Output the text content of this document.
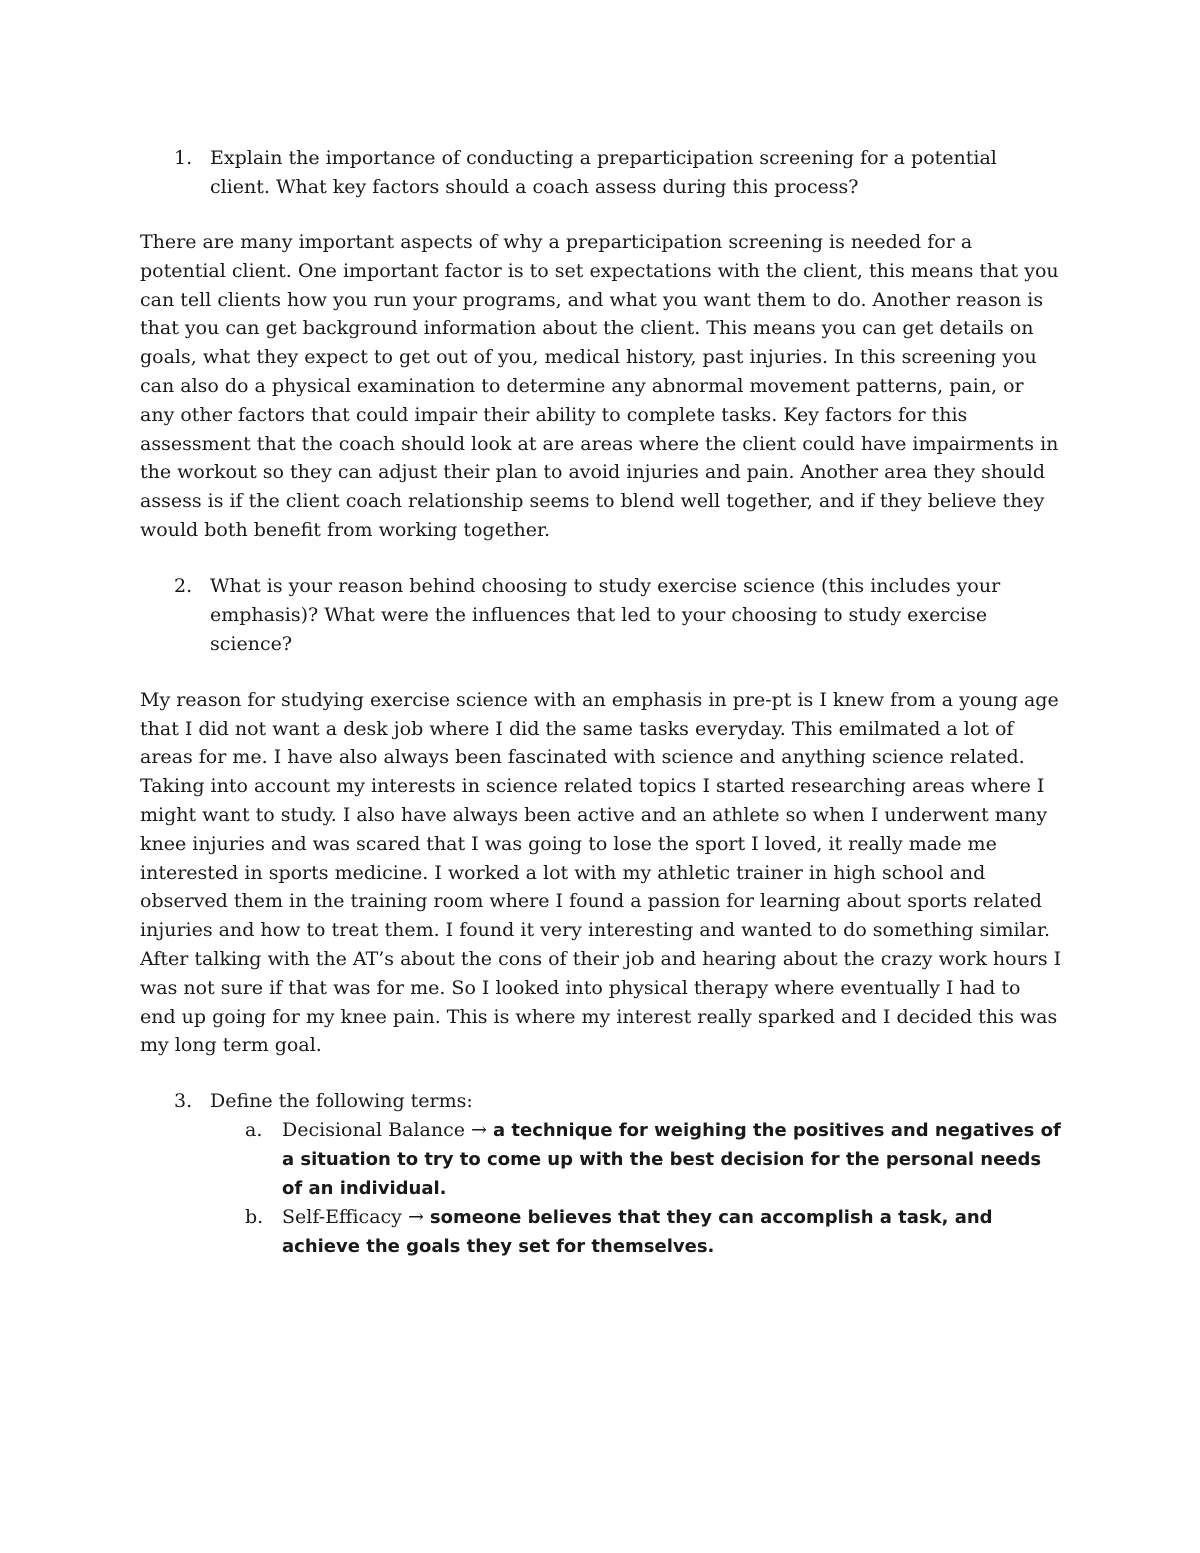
1. Explain the importance of conducting a preparticipation screening for a potential client. What key factors should a coach assess during this process?

There are many important aspects of why a preparticipation screening is needed for a potential client. One important factor is to set expectations with the client, this means that you can tell clients how you run your programs, and what you want them to do. Another reason is that you can get background information about the client. This means you can get details on goals, what they expect to get out of you, medical history, past injuries. In this screening you can also do a physical examination to determine any abnormal movement patterns, pain, or any other factors that could impair their ability to complete tasks. Key factors for this assessment that the coach should look at are areas where the client could have impairments in the workout so they can adjust their plan to avoid injuries and pain. Another area they should assess is if the client coach relationship seems to blend well together, and if they believe they would both benefit from working together.

2. What is your reason behind choosing to study exercise science (this includes your emphasis)? What were the influences that led to your choosing to study exercise science?

My reason for studying exercise science with an emphasis in pre-pt is I knew from a young age that I did not want a desk job where I did the same tasks everyday. This emilmated a lot of areas for me. I have also always been fascinated with science and anything science related. Taking into account my interests in science related topics I started researching areas where I might want to study. I also have always been active and an athlete so when I underwent many knee injuries and was scared that I was going to lose the sport I loved, it really made me interested in sports medicine. I worked a lot with my athletic trainer in high school and observed them in the training room where I found a passion for learning about sports related injuries and how to treat them. I found it very interesting and wanted to do something similar. After talking with the AT’s about the cons of their job and hearing about the crazy work hours I was not sure if that was for me. So I looked into physical therapy where eventually I had to end up going for my knee pain. This is where my interest really sparked and I decided this was my long term goal.

3. Define the following terms:

a. Decisional Balance → a technique for weighing the positives and negatives of a situation to try to come up with the best decision for the personal needs of an individual.

b. Self-Efficacy → someone believes that they can accomplish a task, and achieve the goals they set for themselves.
